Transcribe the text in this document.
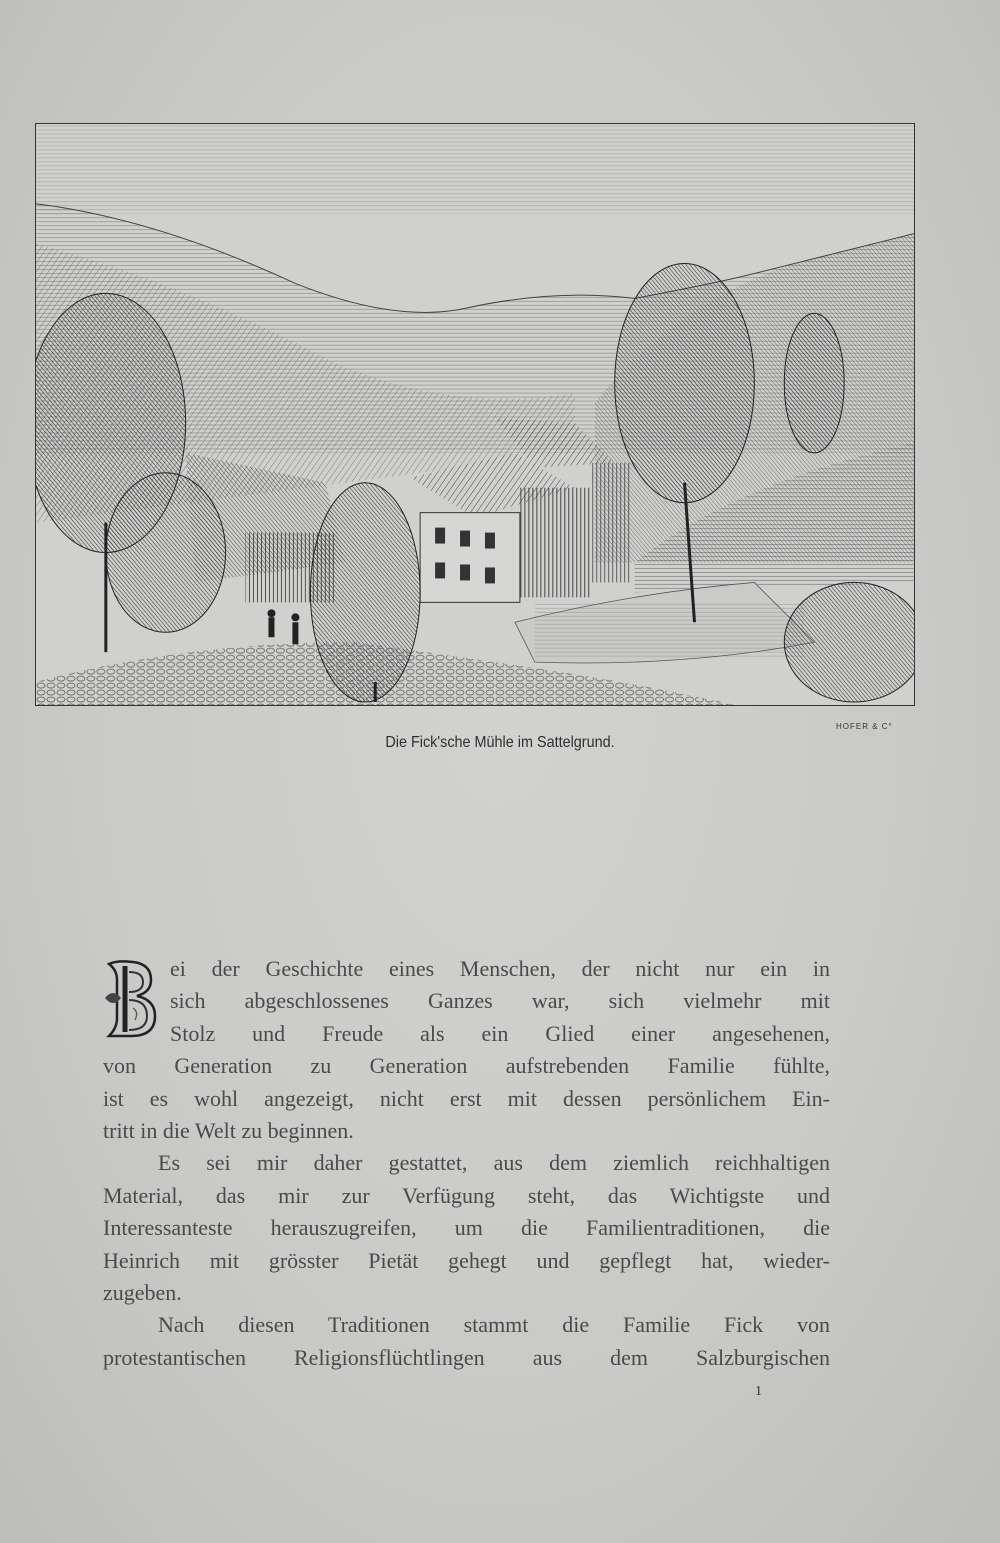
HOFER & C°
Die Fick'sche Mühle im Sattelgrund.
ei der Geschichte eines Menschen, der nicht nur ein in
sich abgeschlossenes Ganzes war, sich vielmehr mit
Stolz und Freude als ein Glied einer angesehenen,
von Generation zu Generation aufstrebenden Familie fühlte,
ist es wohl angezeigt, nicht erst mit dessen persönlichem Ein-
tritt in die Welt zu beginnen.
Es sei mir daher gestattet, aus dem ziemlich reichhaltigen
Material, das mir zur Verfügung steht, das Wichtigste und
Interessanteste herauszugreifen, um die Familientraditionen, die
Heinrich mit grösster Pietät gehegt und gepflegt hat, wieder-
zugeben.
Nach diesen Traditionen stammt die Familie Fick von
protestantischen Religionsflüchtlingen aus dem Salzburgischen
1
